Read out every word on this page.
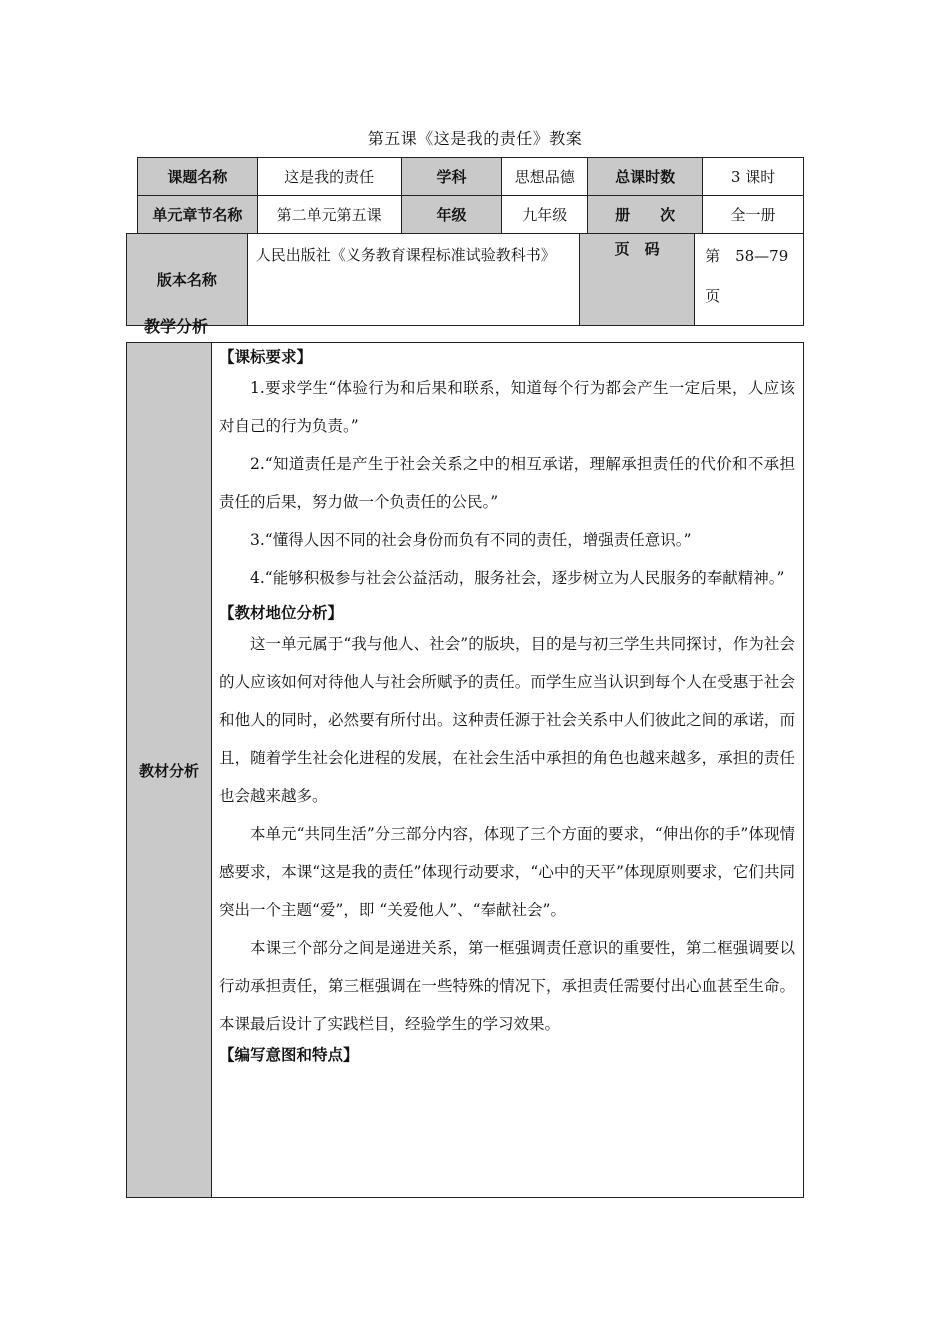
第五课《这是我的责任》教案
课题名称	这是我的责任	学科	思想品德	总课时数	3 课时
单元章节名称	第二单元第五课	年级	九年级	册　　次	全一册
版本名称	人民出版社《义务教育课程标准试验教科书》	页　码	第　58—79页
教学分析
教材分析

【课标要求】

1.要求学生“体验行为和后果和联系，知道每个行为都会产生一定后果，人应该对自己的行为负责。”

2.“知道责任是产生于社会关系之中的相互承诺，理解承担责任的代价和不承担责任的后果，努力做一个负责任的公民。”

3.“懂得人因不同的社会身份而负有不同的责任，增强责任意识。”

4.“能够积极参与社会公益活动，服务社会，逐步树立为人民服务的奉献精神。”

【教材地位分析】

这一单元属于“我与他人、社会”的版块，目的是与初三学生共同探讨，作为社会的人应该如何对待他人与社会所赋予的责任。而学生应当认识到每个人在受惠于社会和他人的同时，必然要有所付出。这种责任源于社会关系中人们彼此之间的承诺，而且，随着学生社会化进程的发展，在社会生活中承担的角色也越来越多，承担的责任也会越来越多。

本单元“共同生活”分三部分内容，体现了三个方面的要求，“伸出你的手”体现情感要求，本课“这是我的责任”体现行动要求，“心中的天平”体现原则要求，它们共同突出一个主题“爱”，即 “关爱他人”、“奉献社会”。

本课三个部分之间是递进关系，第一框强调责任意识的重要性，第二框强调要以行动承担责任，第三框强调在一些特殊的情况下，承担责任需要付出心血甚至生命。本课最后设计了实践栏目，经验学生的学习效果。

【编写意图和特点】
